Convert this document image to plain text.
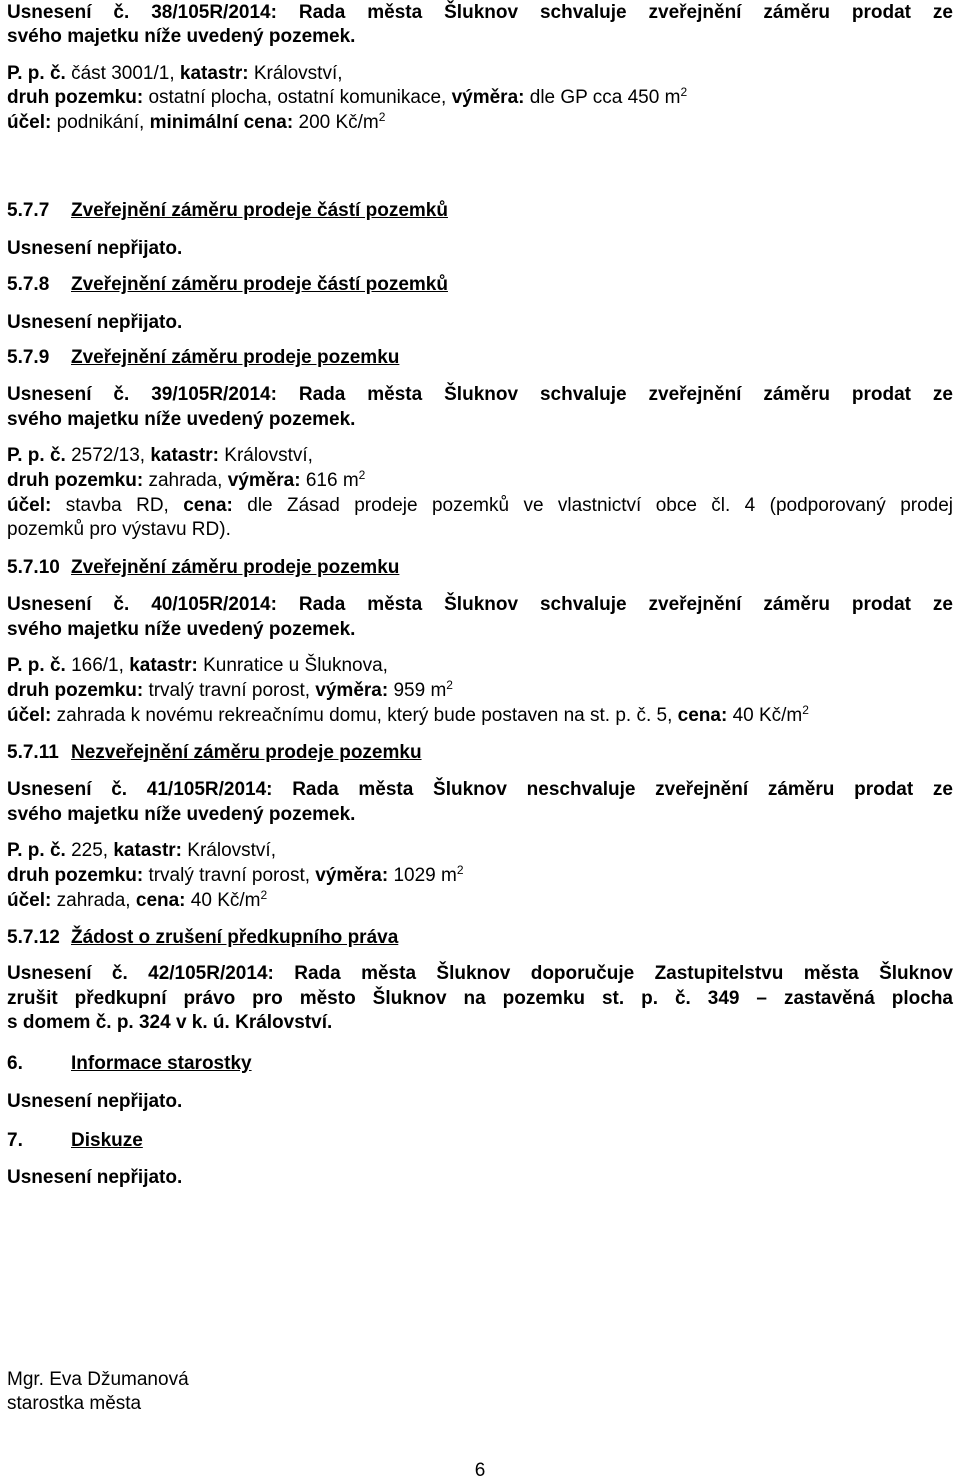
Usnesení č. 38/105R/2014: Rada města Šluknov schvaluje zveřejnění záměru prodat ze
svého majetku níže uvedený pozemek.
P. p. č. část 3001/1, katastr: Království,
druh pozemku: ostatní plocha, ostatní komunikace, výměra: dle GP cca 450 $m^2$
účel: podnikání, minimální cena: 200 $Kč/m^2$
5.7.7 Zveřejnění záměru prodeje částí pozemků
Usnesení nepřijato.
5.7.8 Zveřejnění záměru prodeje částí pozemků
Usnesení nepřijato.
5.7.9 Zveřejnění záměru prodeje pozemku
Usnesení č. 39/105R/2014: Rada města Šluknov schvaluje zveřejnění záměru prodat ze
svého majetku níže uvedený pozemek.
P. p. č. 2572/13, katastr: Království,
druh pozemku: zahrada, výměra: 616 $m^2$
účel: stavba RD, cena: dle Zásad prodeje pozemků ve vlastnictví obce čl. 4 (podporovaný prodej
pozemků pro výstavu RD).
5.7.10 Zveřejnění záměru prodeje pozemku
Usnesení č. 40/105R/2014: Rada města Šluknov schvaluje zveřejnění záměru prodat ze
svého majetku níže uvedený pozemek.
P. p. č. 166/1, katastr: Kunratice u Šluknova,
druh pozemku: trvalý travní porost, výměra: 959 $m^2$
účel: zahrada k novému rekreačnímu domu, který bude postaven na st. p. č. 5, cena: 40 $Kč/m^2$
5.7.11 Nezveřejnění záměru prodeje pozemku
Usnesení č. 41/105R/2014: Rada města Šluknov neschvaluje zveřejnění záměru prodat ze
svého majetku níže uvedený pozemek.
P. p. č. 225, katastr: Království,
druh pozemku: trvalý travní porost, výměra: 1029 $m^2$
účel: zahrada, cena: 40 $Kč/m^2$
5.7.12 Žádost o zrušení předkupního práva
Usnesení č. 42/105R/2014: Rada města Šluknov doporučuje Zastupitelstvu města Šluknov
zrušit předkupní právo pro město Šluknov na pozemku st. p. č. 349 – zastavěná plocha
s domem č. p. 324 v k. ú. Království.
6.	Informace starostky
Usnesení nepřijato.
7.	Diskuze
Usnesení nepřijato.
Mgr. Eva Džumanová
starostka města
6
